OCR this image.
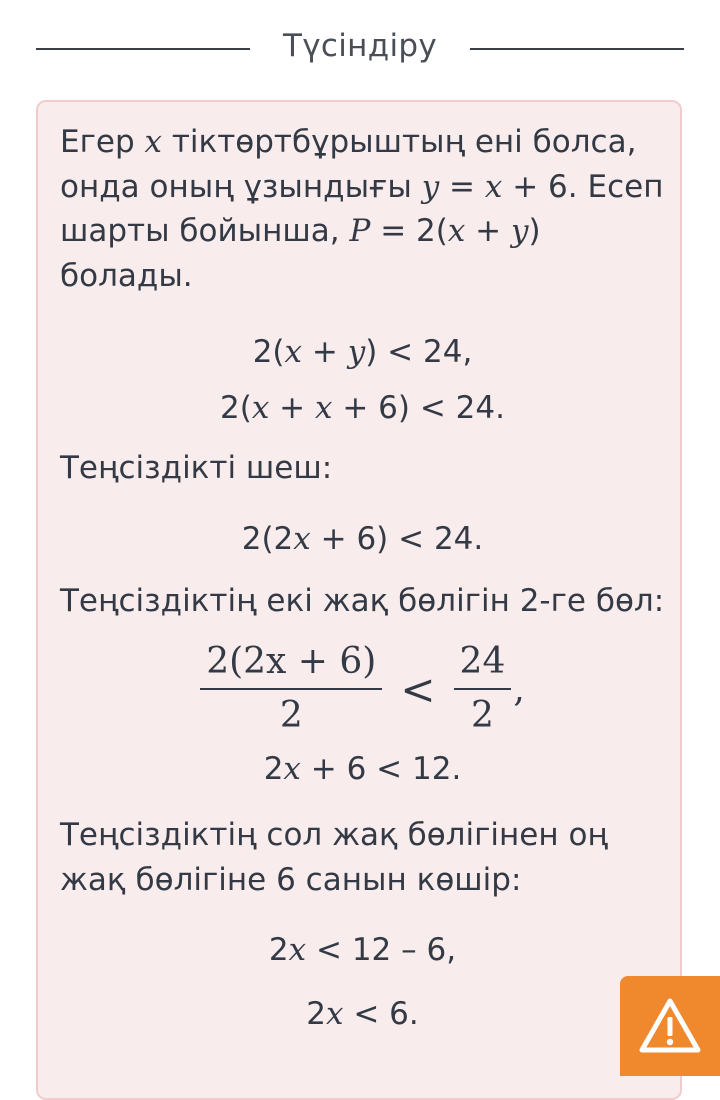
Түсіндіру

Егер x тіктөртбұрыштың ені болса, онда оның ұзындығы y = x + 6. Есеп шарты бойынша, P = 2(x + y) болады.

2(x + y) < 24,
2(x + x + 6) < 24.

Теңсіздікті шеш:

2(2x + 6) < 24.

Теңсіздіктің екі жақ бөлігін 2-ге бөл:

$\frac{2(2x + 6)}{2} < \frac{24}{2}$ ,
2x + 6 < 12.

Теңсіздіктің сол жақ бөлігінен оң жақ бөлігіне 6 санын көшір:

2x < 12 – 6,
2x < 6.
